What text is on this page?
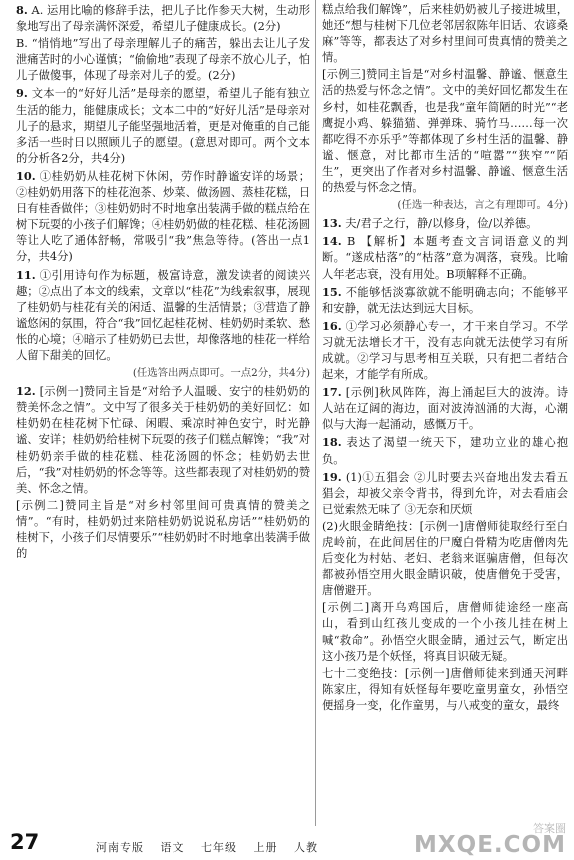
8. A. 运用比喻的修辞手法，把儿子比作参天大树，生动形象地写出了母亲满怀深爱，希望儿子健康成长。(2分)
B. “悄悄地”写出了母亲理解儿子的痛苦，躲出去让儿子发泄痛苦时的小心谨慎；“偷偷地”表现了母亲不放心儿子，怕儿子做傻事，体现了母亲对儿子的爱。(2分)
9. 文本一的“好好儿活”是母亲的愿望，希望儿子能有独立生活的能力，能健康成长；文本二中的“好好儿活”是母亲对儿子的悬求，期望儿子能坚强地活着，更是对俺重的自己能多活一些时日以照顾儿子的愿望。(意思对即可。两个文本的分析各2分，共4分)
10. ①桂奶奶从桂花树下休闲，劳作时静谧安详的场景；②桂奶奶用落下的桂花泡茶、炒菜、做汤圆、蒸桂花糕，日日有桂香做伴；③桂奶奶时不时地拿出装满手做的糕点给在树下玩耍的小孩子们解馋；④桂奶奶做的桂花糕、桂花汤圆等让人吃了通体舒畅，常吸引“我”焦急等待。(答出一点1分，共4分)
11. ①引用诗句作为标题，极富诗意，激发读者的阅读兴趣；②点出了本文的线索，文章以“桂花”为线索叙事，展现了桂奶奶与桂花有关的闲适、温馨的生活情景；③营造了静谧悠闲的氛围，符合“我”回忆起桂花树、桂奶奶时柔软、愁怅的心境；④暗示了桂奶奶已去世，却像落地的桂花一样给人留下甜美的回忆。
(任选答出两点即可。一点2分，共4分)
12. [示例一]赞同主旨是“对给予人温暖、安宁的桂奶奶的赞美怀念之情”。文中写了很多关于桂奶奶的美好回忆：如桂奶奶在桂花树下忙碌、闲暇、乘凉时神色安宁，时光静谧、安详；桂奶奶给桂树下玩耍的孩子们糕点解馋；“我”对桂奶奶亲手做的桂花糕、桂花汤圆的怀念；桂奶奶去世后，“我”对桂奶奶的怀念等等。这些都表现了对桂奶奶的赞美、怀念之情。
[示例二]赞同主旨是“对乡村邻里间可贵真情的赞美之情”。“有时，桂奶奶过来陪桂奶奶说说私房话”“桂奶奶的桂树下，小孩子们尽情要乐”“桂奶奶时不时地拿出装满手做的
糕点给我们解馋”，后来桂奶奶被儿子接进城里，她还“想与桂树下几位老邻居叙陈年旧话、农谚桑麻”等等，都表达了对乡村里间可贵真情的赞美之情。
[示例三]赞同主旨是“对乡村温馨、静谧、惬意生活的热爱与怀念之情”。文中的美好回忆都发生在乡村，如桂花飘香，也是我“童年简陋的时光”“老鹰捉小鸡、躲猫猫、弹弹珠、骑竹马……每一次都吃得不亦乐乎”等都体现了乡村生活的温馨、静谧、惬意，对比都市生活的“喧嚣”“狭窄”“陌生”，更突出了作者对乡村温馨、静谧、惬意生活的热爱与怀念之情。
(任选一种表达，言之有理即可。4分)
13. 夫/君子之行，静/以修身，俭/以养德。
14. B 【解析】本题考查文言词语意义的判断。“遂成枯落”的“枯落”意为凋落，衰残。比喻人年老志衰，没有用处。B项解释不正确。
15. 不能够恬淡寡欲就不能明确志向；不能够平和安静，就无法达到远大目标。
16. ①学习必须静心专一，才干来自学习。不学习就无法增长才干，没有志向就无法使学习有所成就。②学习与思考相互关联，只有把二者结合起来，才能学有所成。
17. [示例]秋风阵阵，海上涌起巨大的波涛。诗人站在辽阔的海边，面对波涛汹涌的大海，心潮似与大海一起涌动，感慨万千。
18. 表达了渴望一统天下，建功立业的雄心抱负。
19. (1)①五猖会 ②儿时要去兴奋地出发去看五猖会，却被父亲令背书，得到允许，对去看庙会已觉索然无味了 ③无奈和厌烦
(2)火眼金睛绝技：[示例一]唐僧师徒取经行至白虎岭前，在此间居住的尸魔白骨精为吃唐僧肉先后变化为村姑、老妇、老翁来诓骗唐僧，但每次都被孙悟空用火眼金睛识破，使唐僧免于受害，唐僧避开。
[示例二]离开乌鸡国后，唐僧师徒途经一座高山，看到山红孩儿变成的一个小孩儿挂在树上喊“救命”。孙悟空火眼金睛，通过云气，断定出这小孩乃是个妖怪，将真目识破无疑。
七十二变绝技：[示例一]唐僧师徒来到通天河畔陈家庄，得知有妖怪每年要吃童男童女，孙悟空便摇身一变，化作童男，与八戒变的童女，最终
27	河南专版 语文 七年级 上册 人教
答案圈
MXQE.COM
